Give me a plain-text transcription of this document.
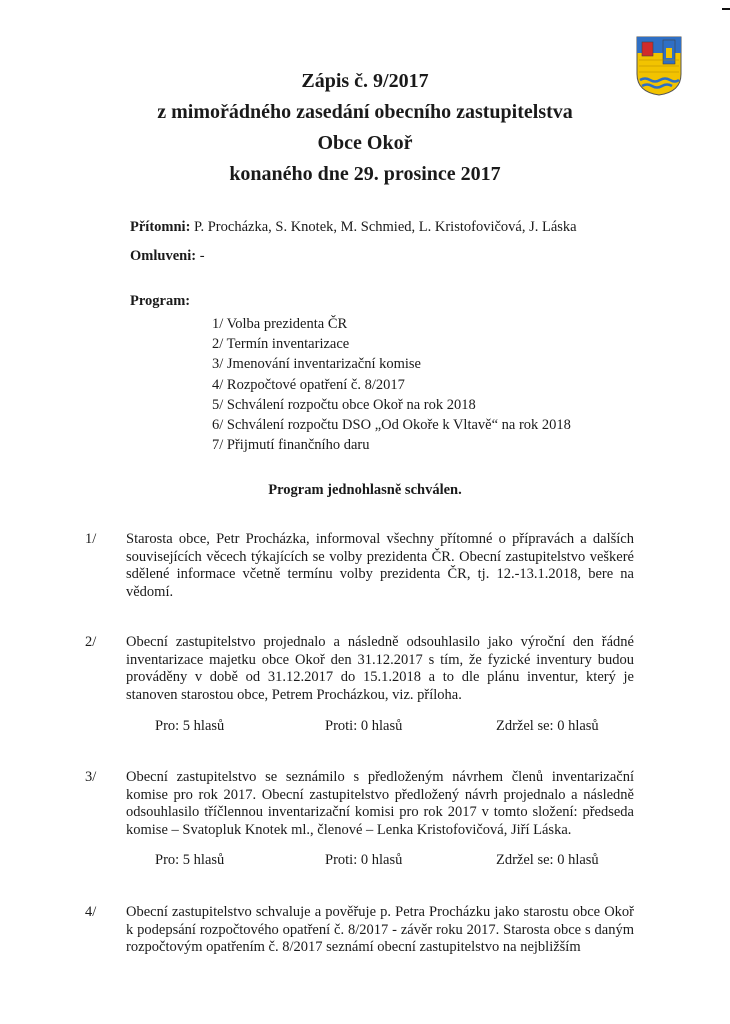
Zápis č. 9/2017
z mimořádného zasedání obecního zastupitelstva
Obce Okoř
konaného dne 29. prosince 2017
Přítomni: P. Procházka, S. Knotek, M. Schmied, L. Kristofovičová, J. Láska
Omluveni: -
Program:
1/ Volba prezidenta ČR
2/ Termín inventarizace
3/ Jmenování inventarizační komise
4/ Rozpočtové opatření č. 8/2017
5/ Schválení rozpočtu obce Okoř na rok 2018
6/ Schválení rozpočtu DSO „Od Okoře k Vltavě“ na rok 2018
7/ Přijmutí finančního daru
Program jednohlasně schválen.
1/ Starosta obce, Petr Procházka, informoval všechny přítomné o přípravách a dalších souvisejících věcech týkajících se volby prezidenta ČR. Obecní zastupitelstvo veškeré sdělené informace včetně termínu volby prezidenta ČR, tj. 12.-13.1.2018, bere na vědomí.
2/ Obecní zastupitelstvo projednalo a následně odsouhlasilo jako výroční den řádné inventarizace majetku obce Okoř den 31.12.2017 s tím, že fyzické inventury budou prováděny v době od 31.12.2017 do 15.1.2018 a to dle plánu inventur, který je stanoven starostou obce, Petrem Procházkou, viz. příloha.
Pro: 5 hlasů	Proti: 0 hlasů	Zdržel se: 0 hlasů
3/ Obecní zastupitelstvo se seznámilo s předloženým návrhem členů inventarizační komise pro rok 2017. Obecní zastupitelstvo předložený návrh projednalo a následně odsouhlasilo tříčlennou inventarizační komisi pro rok 2017 v tomto složení: předseda komise – Svatopluk Knotek ml., členové – Lenka Kristofovičová, Jiří Láska.
Pro: 5 hlasů	Proti: 0 hlasů	Zdržel se: 0 hlasů
4/ Obecní zastupitelstvo schvaluje a pověřuje p. Petra Procházku jako starostu obce Okoř k podepsání rozpočtového opatření č. 8/2017 - závěr roku 2017. Starosta obce s daným rozpočtovým opatřením č. 8/2017 seznámí obecní zastupitelstvo na nejbližším
